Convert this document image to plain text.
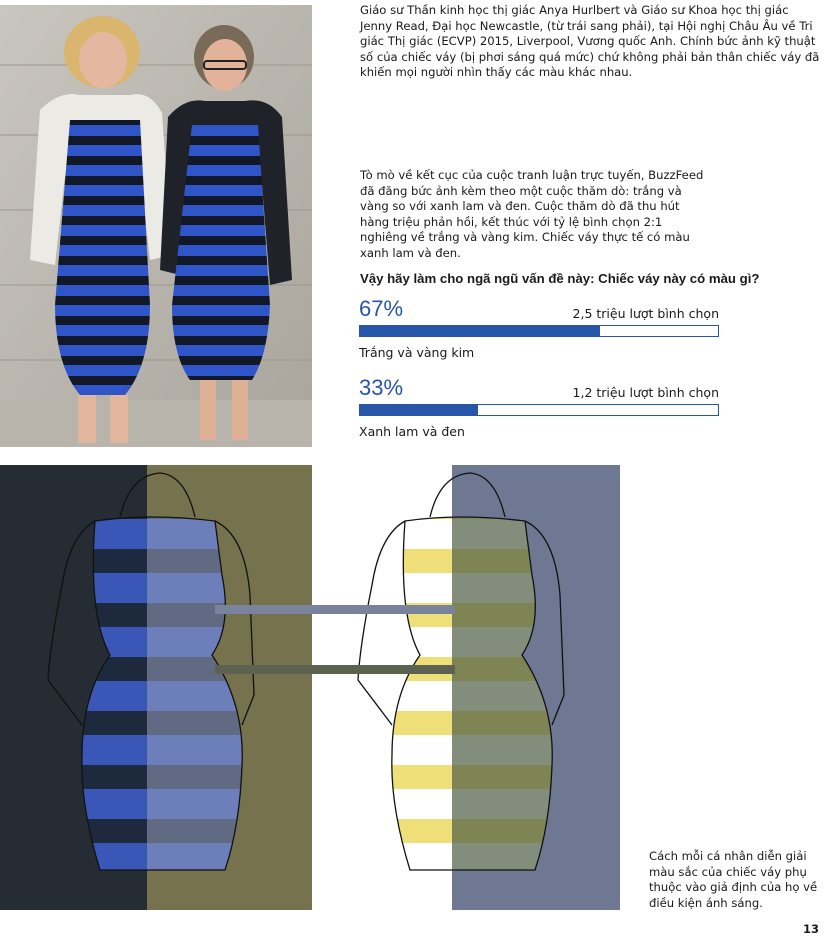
Giáo sư Thần kinh học thị giác Anya Hurlbert và Giáo sư Khoa học thị giác Jenny Read, Đại học Newcastle, (từ trái sang phải), tại Hội nghị Châu Âu về Tri giác Thị giác (ECVP) 2015, Liverpool, Vương quốc Anh. Chính bức ảnh kỹ thuật số của chiếc váy (bị phơi sáng quá mức) chứ không phải bản thân chiếc váy đã khiến mọi người nhìn thấy các màu khác nhau.

Tò mò về kết cục của cuộc tranh luận trực tuyến, BuzzFeed đã đăng bức ảnh kèm theo một cuộc thăm dò: trắng và vàng so với xanh lam và đen. Cuộc thăm dò đã thu hút hàng triệu phản hồi, kết thúc với tỷ lệ bình chọn 2:1 nghiêng về trắng và vàng kim. Chiếc váy thực tế có màu xanh lam và đen.

Vậy hãy làm cho ngã ngũ vấn đề này: Chiếc váy này có màu gì?

67%	2,5 triệu lượt bình chọn
Trắng và vàng kim
33%	1,2 triệu lượt bình chọn
Xanh lam và đen

Cách mỗi cá nhân diễn giải màu sắc của chiếc váy phụ thuộc vào giả định của họ về điều kiện ánh sáng.

13
